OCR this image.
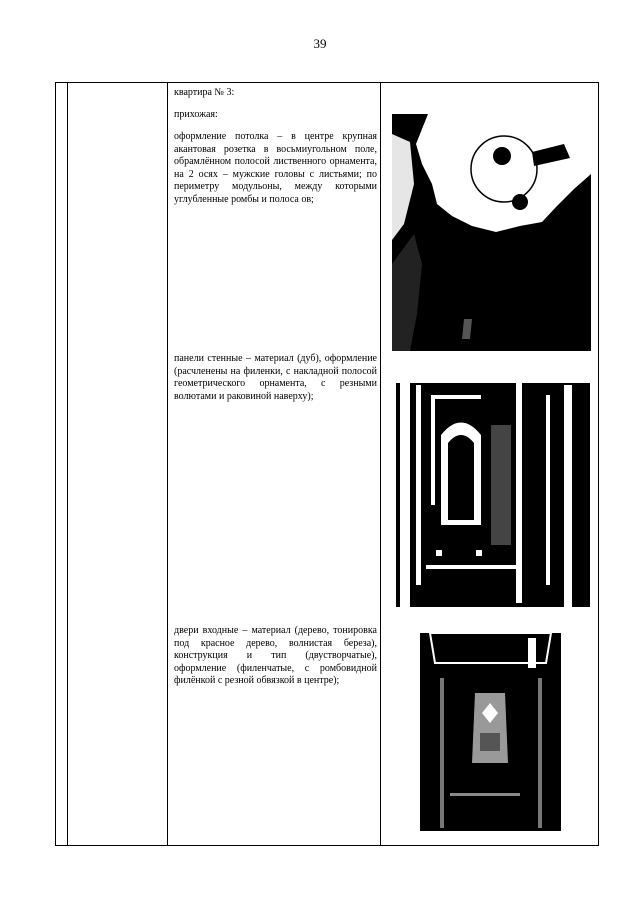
39
квартира № 3:
прихожая:
оформление потолка – в центре крупная акантовая розетка в восьмиугольном поле, обрамлённом полосой лиственного орнамента, на 2 осях – мужские головы с листьями; по периметру модульоны, между которыми углубленные ромбы и полоса ов;
панели стенные – материал (дуб), оформление (расчленены на филенки, с накладной полосой геометрического орнамента, с резными волютами и раковиной наверху);
двери входные – материал (дерево, тонировка под красное дерево, волнистая береза), конструкция и тип (двустворчатые), оформление (филенчатые, с ромбовидной филёнкой с резной обвязкой в центре);
